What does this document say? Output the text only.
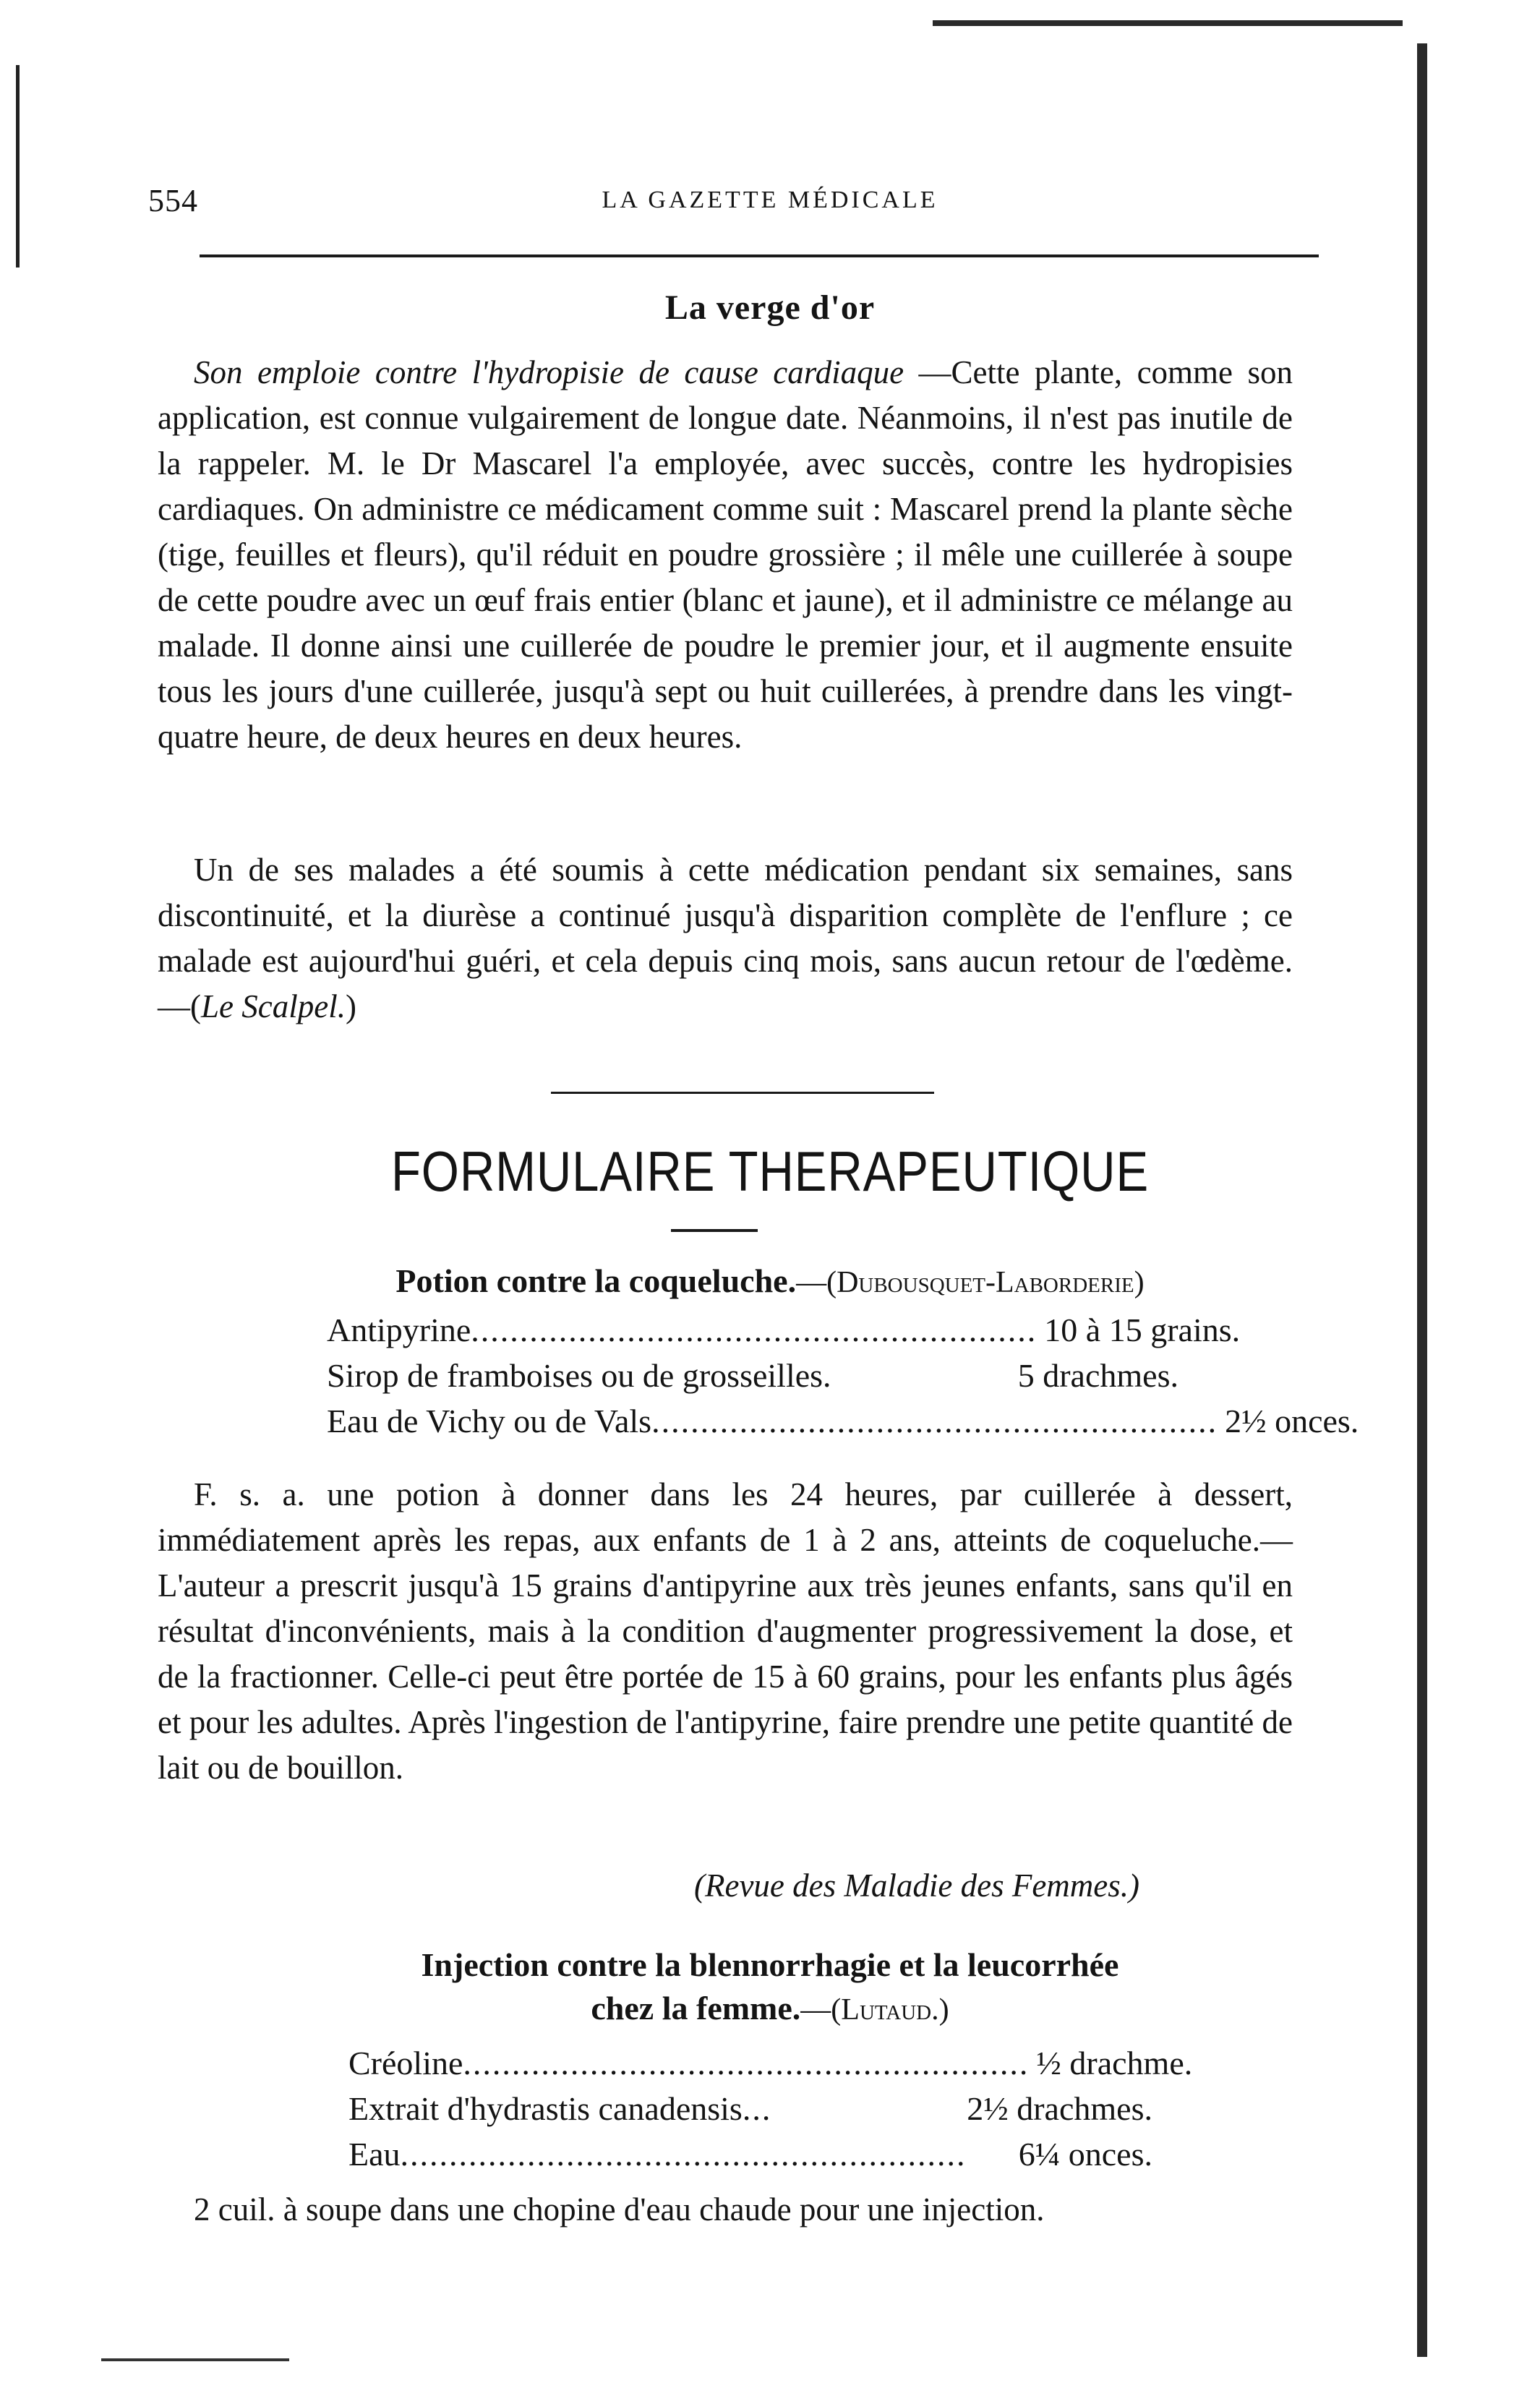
554	LA GAZETTE MÉDICALE
La verge d'or

Son emploie contre l'hydropisie de cause cardiaque —Cette plante, comme son application, est connue vulgairement de longue date. Néanmoins, il n'est pas inutile de la rappeler. M. le Dr Mascarel l'a employée, avec succès, contre les hydropisies cardiaques. On administre ce médicament comme suit : Mascarel prend la plante sèche (tige, feuilles et fleurs), qu'il réduit en poudre grossière ; il mêle une cuillerée à soupe de cette poudre avec un œuf frais entier (blanc et jaune), et il administre ce mélange au malade. Il donne ainsi une cuillerée de poudre le premier jour, et il augmente ensuite tous les jours d'une cuillerée, jusqu'à sept ou huit cuillerées, à prendre dans les vingt-quatre heure, de deux heures en deux heures.

Un de ses malades a été soumis à cette médication pendant six semaines, sans discontinuité, et la diurèse a continué jusqu'à disparition complète de l'enflure ; ce malade est aujourd'hui guéri, et cela depuis cinq mois, sans aucun retour de l'œdème.—(Le Scalpel.)

FORMULAIRE THERAPEUTIQUE
Potion contre la coqueluche.—(Dubousquet-Laborderie)
Antipyrine .......................................................... 10 à 15 grains.
Sirop de framboises ou de grosseilles.	5 drachmes.
Eau de Vichy ou de Vals .......................................................... 2½ onces.

F. s. a. une potion à donner dans les 24 heures, par cuillerée à dessert, immédiatement après les repas, aux enfants de 1 à 2 ans, atteints de coqueluche.—L'auteur a prescrit jusqu'à 15 grains d'antipyrine aux très jeunes enfants, sans qu'il en résultat d'inconvénients, mais à la condition d'augmenter progressivement la dose, et de la fractionner. Celle-ci peut être portée de 15 à 60 grains, pour les enfants plus âgés et pour les adultes. Après l'ingestion de l'antipyrine, faire prendre une petite quantité de lait ou de bouillon.

(Revue des Maladie des Femmes.)
Injection contre la blennorrhagie et la leucorrhée
chez la femme.—(Lutaud.)
Créoline .......................................................... ½ drachme.
Extrait d'hydrastis canadensis ...	2½ drachmes.
Eau ..........................................................	6¼ onces.
2 cuil. à soupe dans une chopine d'eau chaude pour une injection.
